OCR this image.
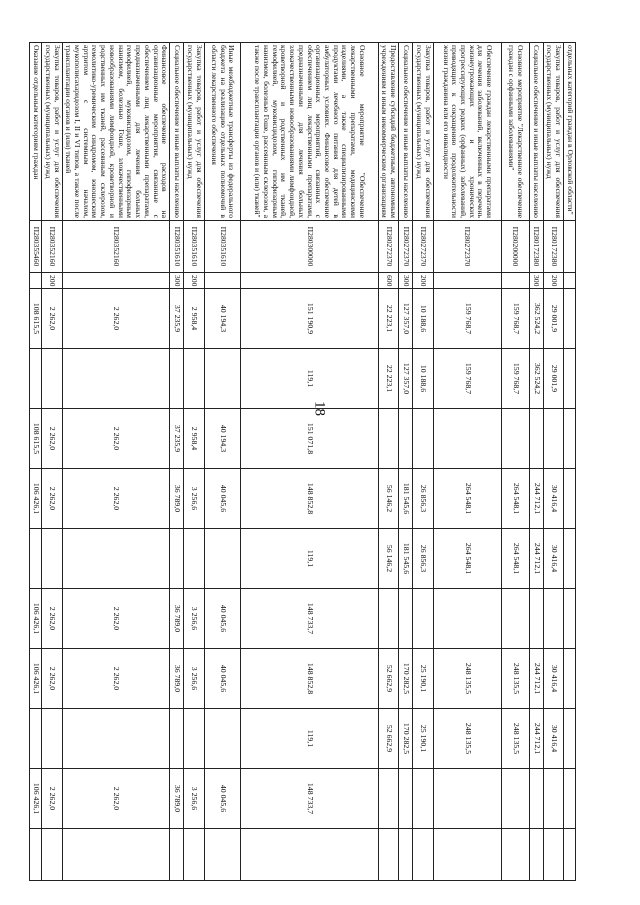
18
отдельных категорий граждан в Орловской области"												
Закупка товаров, работ и услуг для обеспечения государственных (муниципальных) нужд	П280172380	200	29 001,9	29 001,9		30 416,4	30 416,4		30 416,4	30 416,4		
Социальное обеспечение и иные выплаты населению	П280172380	300	362 524,2	362 524,2		244 712,1	244 712,1		244 712,1	244 712,1		
Основное мероприятие "Лекарственное обеспечение граждан с орфанными заболеваниями"	П280200000		159 768,7	159 768,7		264 548,1	264 548,1		248 135,5	248 135,5		
Обеспечение граждан лекарственными препаратами для лечения заболеваний, включенных в перечень жизнеугрожающих и хронических прогрессирующих редких (орфанных) заболеваний, приводящих к сокращению продолжительности жизни гражданина или его инвалидности	П280272370		159 768,7	159 768,7		264 548,1	264 548,1		248 135,5	248 135,5		
Закупка товаров, работ и услуг для обеспечения государственных (муниципальных) нужд	П280272370	200	10 188,6	10 188,6		26 856,3	26 856,3		25 190,1	25 190,1		
Социальное обеспечение и иные выплаты населению	П280272370	300	127 357,0	127 357,0		181 545,6	181 545,6		170 282,5	170 282,5		
Предоставление субсидий бюджетным, автономным учреждениям и иным некоммерческим организациям	П280272370	600	22 223,1	22 223,1		56 146,2	56 146,2		52 662,9	52 662,9		
Основное мероприятие "Обеспечение лекарственными препаратами, медицинскими изделиями, а также специализированными продуктами лечебного питания для детей в амбулаторных условиях. Финансовое обеспечение организационных мероприятий, связанных с обеспечением лиц лекарственными препаратами, предназначенными для лечения больных злокачественными новообразованиями лимфоидной, кроветворной и родственных им тканей, гемофилией, муковисцидозом, гипофизарным нанизмом, болезнью Гоше, рассеянным склерозом, а также после трансплантации органов и (или) тканей"	П280300000		151 190,9	119,1	151 071,8	148 852,8	119,1	148 733,7	148 852,8	119,1	148 733,7	
Иные межбюджетные трансферты из федерального бюджета на реализацию отдельных полномочий в области лекарственного обеспечения	П280351610		40 194,3		40 194,3	40 045,6		40 045,6	40 045,6		40 045,6	
Закупка товаров, работ и услуг для обеспечения государственных (муниципальных) нужд	П280351610	200	2 958,4		2 958,4	3 256,6		3 256,6	3 256,6		3 256,6	
Социальное обеспечение и иные выплаты населению	П280351610	300	37 235,9		37 235,9	36 789,0		36 789,0	36 789,0		36 789,0	
Финансовое обеспечение расходов на организационные мероприятия, связанные с обеспечением лиц лекарственными препаратами, предназначенными для лечения больных гемофилией, муковисцидозом, гипофизарным нанизмом, болезнью Гоше, злокачественными новообразованиями лимфоидной, кроветворной и родственных им тканей, рассеянным склерозом, гемолитико-уремическим синдромом, юношеским артритом с системным началом, мукополисахаридозом I, II и VI типов, а также после трансплантации органов и (или) тканей	П280352160		2 262,0		2 262,0	2 262,0		2 262,0	2 262,0		2 262,0	
Закупка товаров, работ и услуг для обеспечения государственных (муниципальных) нужд	П280352160	200	2 262,0		2 262,0	2 262,0		2 262,0	2 262,0		2 262,0	
Оказание отдельным категориям граждан	П280355460		108 615,5		108 615,5	106 426,1		106 426,1	106 426,1		106 426,1	
